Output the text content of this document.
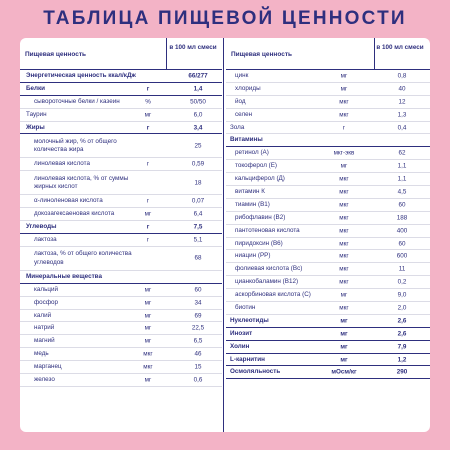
ТАБЛИЦА ПИЩЕВОЙ ЦЕННОСТИ
Пищевая ценность
в 100 мл смеси
Энергетическая ценность ккал/кДж	66/277
Белки	г	1,4
сывороточные белки / казеин	%	50/50
Таурин	мг	6,0
Жиры	г	3,4
молочный жир, % от общего количества жира	25
линолевая кислота	г	0,59
линолевая кислота, % от суммы жирных кислот	18
α-линоленовая кислота	г	0,07
докозагексаеновая кислота	мг	6,4
Углеводы	г	7,5
лактоза	г	5,1
лактоза, % от общего количества углеводов	68
Минеральные вещества
кальций	мг	60
фосфор	мг	34
калий	мг	69
натрий	мг	22,5
магний	мг	6,5
медь	мкг	46
марганец	мкг	15
железо	мг	0,6
Пищевая ценность
в 100 мл смеси
цинк	мг	0,8
хлориды	мг	40
йод	мкг	12
селен	мкг	1,3
Зола	г	0,4
Витамины
ретинол (А)	мкг-экв	62
токоферол (Е)	мг	1,1
кальциферол (Д)	мкг	1,1
витамин К	мкг	4,5
тиамин (В1)	мкг	60
рибофлавин (В2)	мкг	188
пантотеновая кислота	мкг	400
пиридоксин (В6)	мкг	60
ниацин (РР)	мкг	600
фолиевая кислота (Вс)	мкг	11
цианкобаламин (В12)	мкг	0,2
аскорбиновая кислота (С)	мг	9,0
биотин	мкг	2,0
Нуклеотиды	мг	2,6
Инозит	мг	2,6
Холин	мг	7,9
L-карнитин	мг	1,2
Осмоляльность	мОсм/кг	290
